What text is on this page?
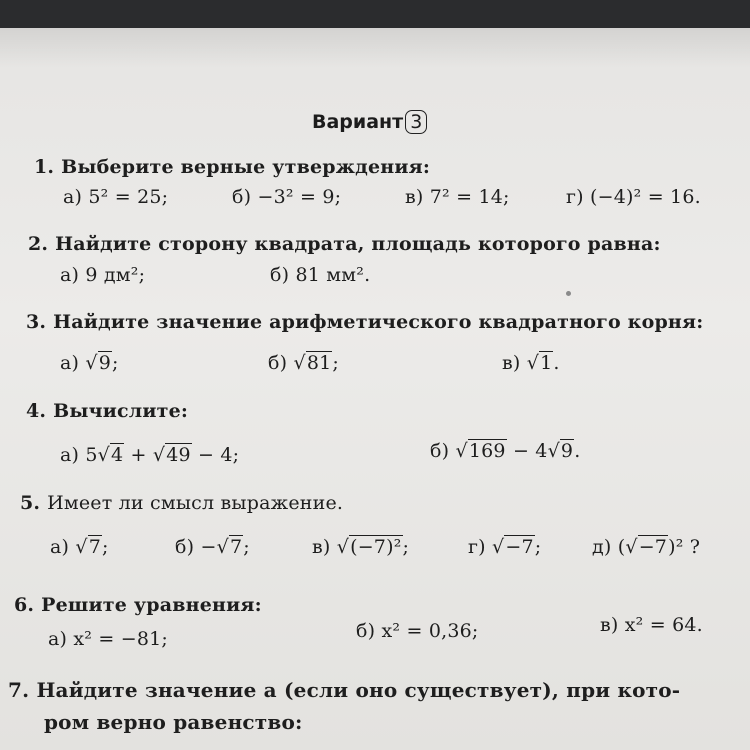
Вариант 3
1. Выберите верные утверждения:
а) 5² = 25;	б) −3² = 9;	в) 7² = 14;	г) (−4)² = 16.
2. Найдите сторону квадрата, площадь которого равна:
а) 9 дм²;	б) 81 мм².
3. Найдите значение арифметического квадратного корня:
а) √9;	б) √81;	в) √1.
4. Вычислите:
а) 5√4 + √49 − 4;	б) √169 − 4√9.
5. Имеет ли смысл выражение.
а) √7;	б) −√7;	в) √(−7)²;	г) √−7;	д) (√−7)² ?
6. Решите уравнения:
а) x² = −81;	б) x² = 0,36;	в) x² = 64.
7. Найдите значение a (если оно существует), при кото-
ром верно равенство:
